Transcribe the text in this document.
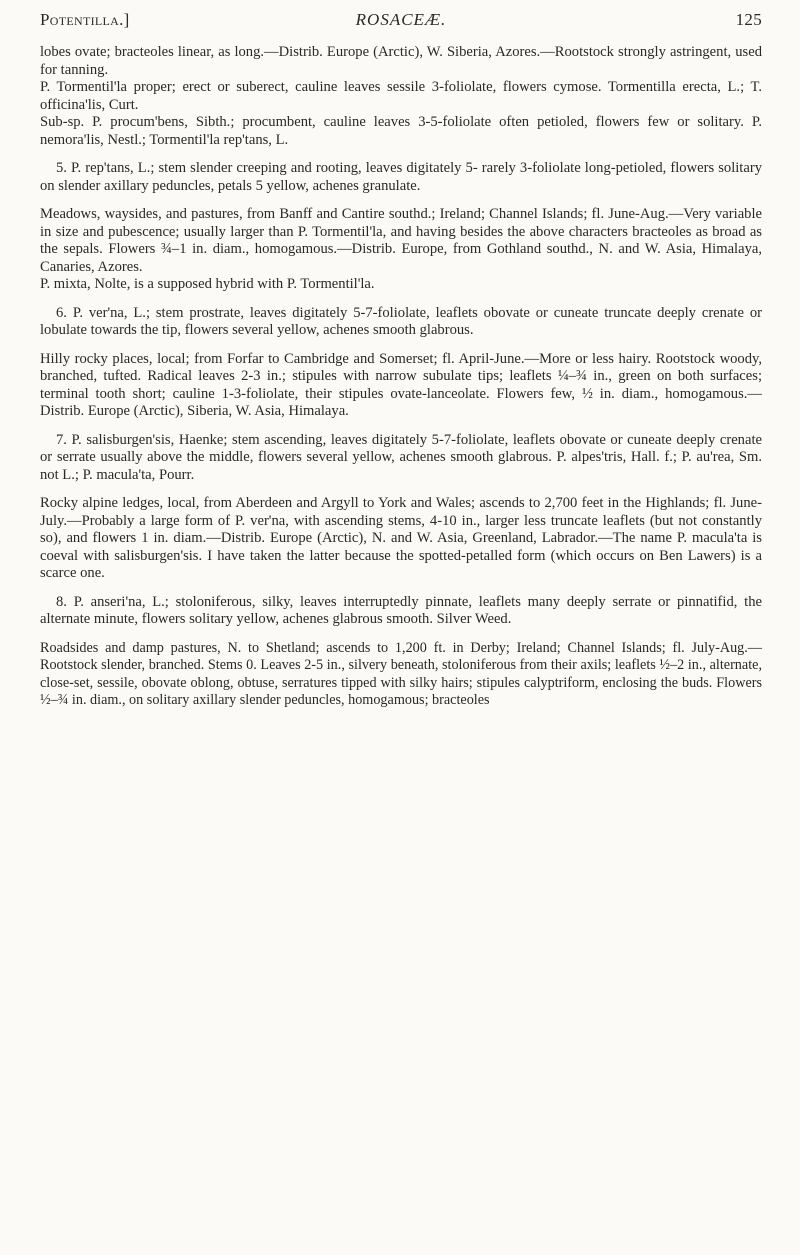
Potentilla.]	ROSACEÆ.	125

lobes ovate; bracteoles linear, as long.—Distrib. Europe (Arctic), W. Siberia, Azores.—Rootstock strongly astringent, used for tanning.

P. Tormentil'la proper; erect or suberect, cauline leaves sessile 3-foliolate, flowers cymose. Tormentilla erecta, L.; T. officina'lis, Curt.

Sub-sp. P. procum'bens, Sibth.; procumbent, cauline leaves 3-5-foliolate often petioled, flowers few or solitary. P. nemora'lis, Nestl.; Tormentil'la rep'tans, L.

5. P. rep'tans, L.; stem slender creeping and rooting, leaves digitately 5- rarely 3-foliolate long-petioled, flowers solitary on slender axillary peduncles, petals 5 yellow, achenes granulate.

Meadows, waysides, and pastures, from Banff and Cantire southd.; Ireland; Channel Islands; fl. June-Aug.—Very variable in size and pubescence; usually larger than P. Tormentil'la, and having besides the above characters bracteoles as broad as the sepals. Flowers ¾–1 in. diam., homogamous.—Distrib. Europe, from Gothland southd., N. and W. Asia, Himalaya, Canaries, Azores.

P. mixta, Nolte, is a supposed hybrid with P. Tormentil'la.

6. P. ver'na, L.; stem prostrate, leaves digitately 5-7-foliolate, leaflets obovate or cuneate truncate deeply crenate or lobulate towards the tip, flowers several yellow, achenes smooth glabrous.

Hilly rocky places, local; from Forfar to Cambridge and Somerset; fl. April-June.—More or less hairy. Rootstock woody, branched, tufted. Radical leaves 2-3 in.; stipules with narrow subulate tips; leaflets ¼–¾ in., green on both surfaces; terminal tooth short; cauline 1-3-foliolate, their stipules ovate-lanceolate. Flowers few, ½ in. diam., homogamous.—Distrib. Europe (Arctic), Siberia, W. Asia, Himalaya.

7. P. salisburgen'sis, Haenke; stem ascending, leaves digitately 5-7-foliolate, leaflets obovate or cuneate deeply crenate or serrate usually above the middle, flowers several yellow, achenes smooth glabrous. P. alpes'tris, Hall. f.; P. au'rea, Sm. not L.; P. macula'ta, Pourr.

Rocky alpine ledges, local, from Aberdeen and Argyll to York and Wales; ascends to 2,700 feet in the Highlands; fl. June-July.—Probably a large form of P. ver'na, with ascending stems, 4-10 in., larger less truncate leaflets (but not constantly so), and flowers 1 in. diam.—Distrib. Europe (Arctic), N. and W. Asia, Greenland, Labrador.—The name P. macula'ta is coeval with salisburgen'sis. I have taken the latter because the spotted-petalled form (which occurs on Ben Lawers) is a scarce one.

8. P. anseri'na, L.; stoloniferous, silky, leaves interruptedly pinnate, leaflets many deeply serrate or pinnatifid, the alternate minute, flowers solitary yellow, achenes glabrous smooth. Silver Weed.

Roadsides and damp pastures, N. to Shetland; ascends to 1,200 ft. in Derby; Ireland; Channel Islands; fl. July-Aug.—Rootstock slender, branched. Stems 0. Leaves 2-5 in., silvery beneath, stoloniferous from their axils; leaflets ½–2 in., alternate, close-set, sessile, obovate oblong, obtuse, serratures tipped with silky hairs; stipules calyptriform, enclosing the buds. Flowers ½–¾ in. diam., on solitary axillary slender peduncles, homogamous; bracteoles
